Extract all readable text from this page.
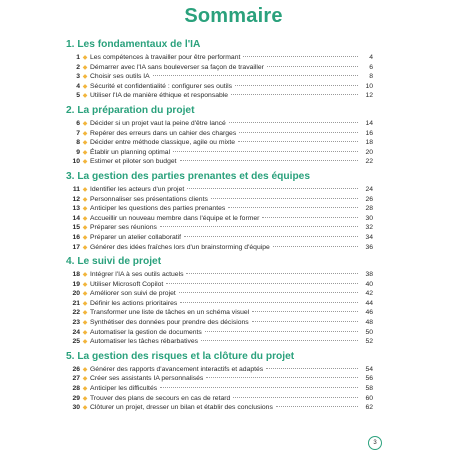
Sommaire
1. Les fondamentaux de l'IA
1 ◆ Les compétences à travailler pour être performant	4
2 ◆ Démarrer avec l'IA sans bouleverser sa façon de travailler	6
3 ◆ Choisir ses outils IA	8
4 ◆ Sécurité et confidentialité : configurer ses outils	10
5 ◆ Utiliser l'IA de manière éthique et responsable	12
2. La préparation du projet
6 ◆ Décider si un projet vaut la peine d'être lancé	14
7 ◆ Repérer des erreurs dans un cahier des charges	16
8 ◆ Décider entre méthode classique, agile ou mixte	18
9 ◆ Établir un planning optimal	20
10 ◆ Estimer et piloter son budget	22
3. La gestion des parties prenantes et des équipes
11 ◆ Identifier les acteurs d'un projet	24
12 ◆ Personnaliser ses présentations clients	26
13 ◆ Anticiper les questions des parties prenantes	28
14 ◆ Accueillir un nouveau membre dans l'équipe et le former	30
15 ◆ Préparer ses réunions	32
16 ◆ Préparer un atelier collaboratif	34
17 ◆ Générer des idées fraîches lors d'un brainstorming d'équipe	36
4. Le suivi de projet
18 ◆ Intégrer l'IA à ses outils actuels	38
19 ◆ Utiliser Microsoft Copilot	40
20 ◆ Améliorer son suivi de projet	42
21 ◆ Définir les actions prioritaires	44
22 ◆ Transformer une liste de tâches en un schéma visuel	46
23 ◆ Synthétiser des données pour prendre des décisions	48
24 ◆ Automatiser la gestion de documents	50
25 ◆ Automatiser les tâches rébarbatives	52
5. La gestion des risques et la clôture du projet
26 ◆ Générer des rapports d'avancement interactifs et adaptés	54
27 ◆ Créer ses assistants IA personnalisés	56
28 ◆ Anticiper les difficultés	58
29 ◆ Trouver des plans de secours en cas de retard	60
30 ◆ Clôturer un projet, dresser un bilan et établir des conclusions	62
3
